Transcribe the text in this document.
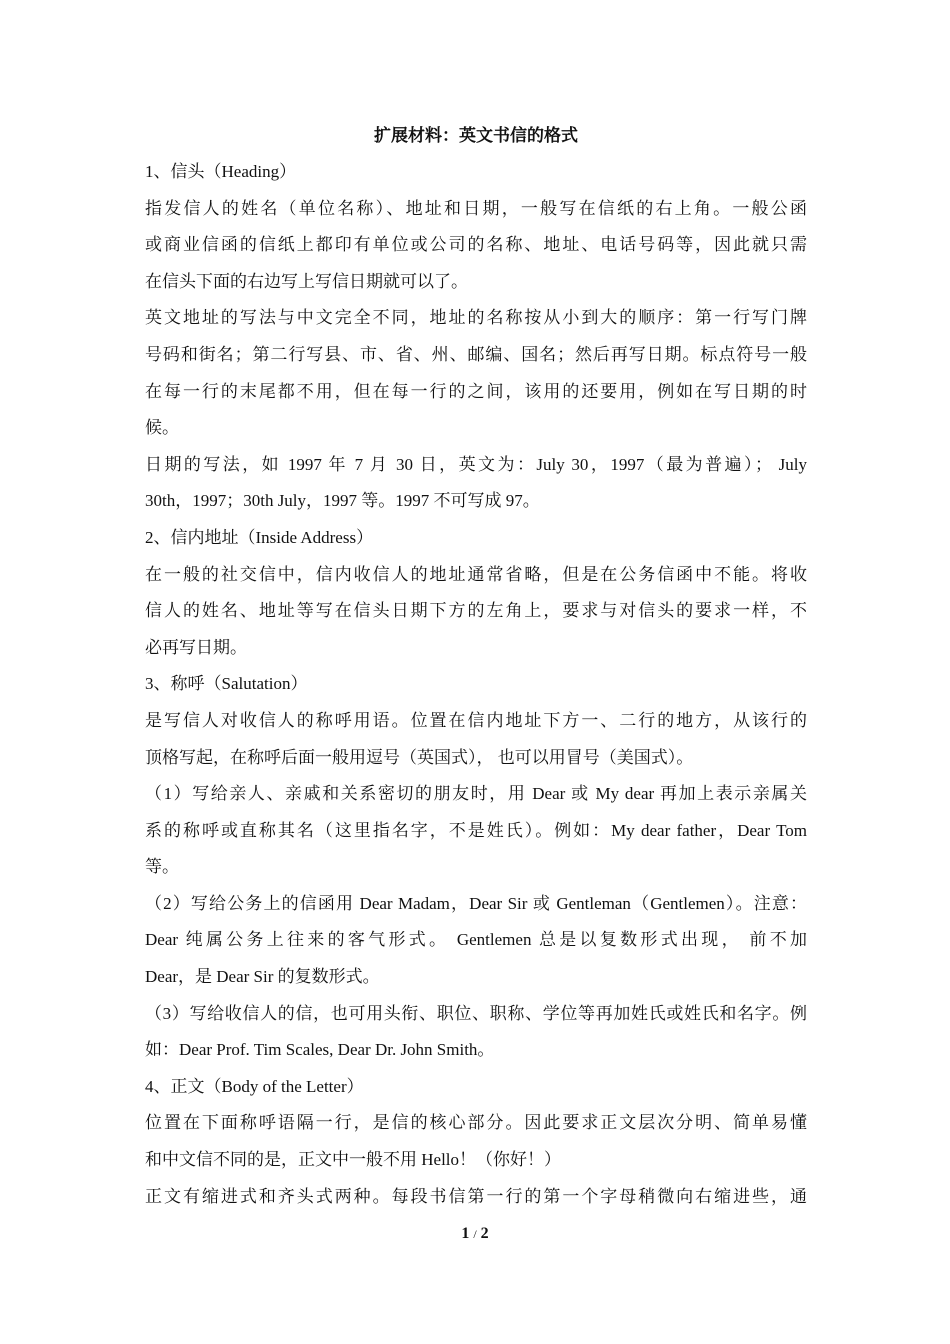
扩展材料：英文书信的格式

1、信头（Heading）

指发信人的姓名（单位名称）、地址和日期，一般写在信纸的右上角。一般公函

或商业信函的信纸上都印有单位或公司的名称、地址、电话号码等，因此就只需

在信头下面的右边写上写信日期就可以了。

英文地址的写法与中文完全不同，地址的名称按从小到大的顺序：第一行写门牌

号码和街名；第二行写县、市、省、州、邮编、国名；然后再写日期。标点符号一般

在每一行的末尾都不用，但在每一行的之间，该用的还要用，例如在写日期的时

候。

日期的写法，如 1997 年 7 月 30 日，英文为：July 30，1997（最为普遍）； July

30th，1997；30th July，1997 等。1997 不可写成 97。

2、信内地址（Inside Address）

在一般的社交信中，信内收信人的地址通常省略，但是在公务信函中不能。将收

信人的姓名、地址等写在信头日期下方的左角上，要求与对信头的要求一样，不

必再写日期。

3、称呼（Salutation）

是写信人对收信人的称呼用语。位置在信内地址下方一、二行的地方，从该行的

顶格写起，在称呼后面一般用逗号（英国式）， 也可以用冒号（美国式）。

（1）写给亲人、亲戚和关系密切的朋友时，用 Dear 或 My dear 再加上表示亲属关

系的称呼或直称其名（这里指名字，不是姓氏）。例如：My dear father，Dear Tom

等。

（2）写给公务上的信函用 Dear Madam，Dear Sir 或 Gentleman（Gentlemen）。注意：

Dear 纯属公务上往来的客气形式。 Gentlemen 总是以复数形式出现， 前不加

Dear，是 Dear Sir 的复数形式。

（3）写给收信人的信，也可用头衔、职位、职称、学位等再加姓氏或姓氏和名字。例

如：Dear Prof. Tim Scales, Dear Dr. John Smith。

4、正文（Body of the Letter）

位置在下面称呼语隔一行，是信的核心部分。因此要求正文层次分明、简单易懂

和中文信不同的是，正文中一般不用 Hello！（你好！）

正文有缩进式和齐头式两种。每段书信第一行的第一个字母稍微向右缩进些，通

1 / 2
